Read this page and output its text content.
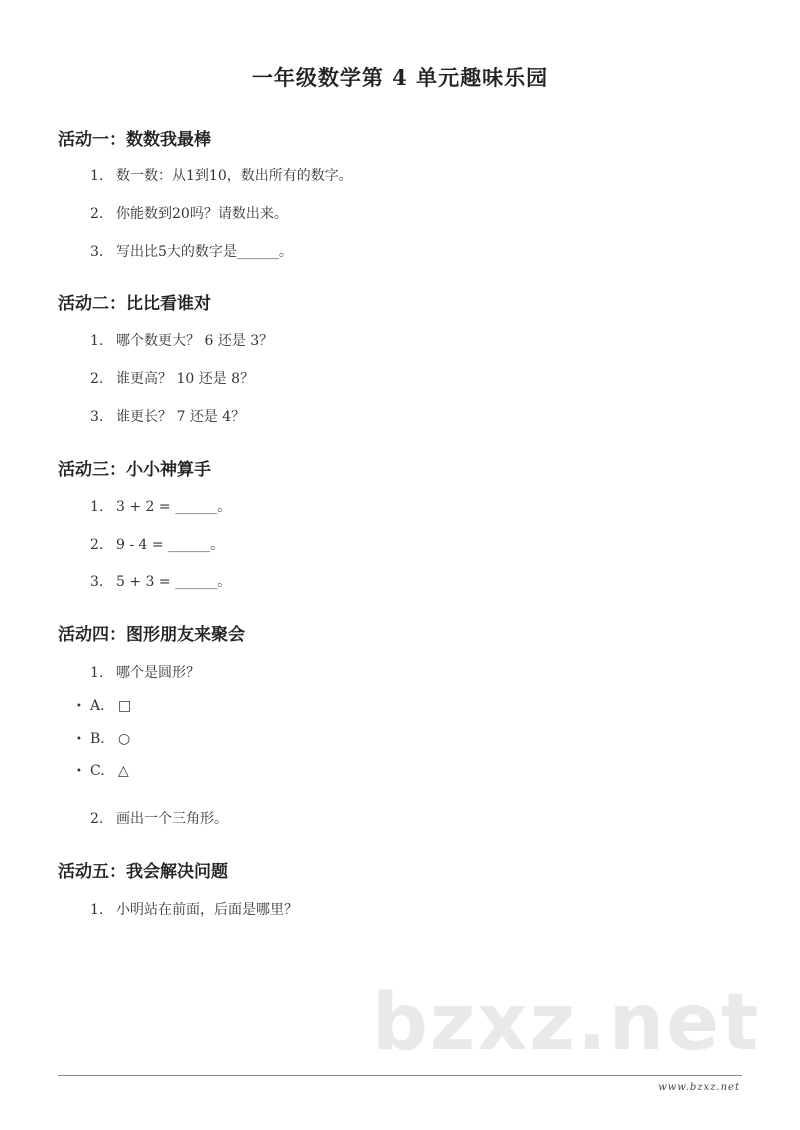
一年级数学第 4 单元趣味乐园
活动一：数数我最棒
1. 数一数：从1到10，数出所有的数字。
2. 你能数到20吗？请数出来。
3. 写出比5大的数字是______。
活动二：比比看谁对
1. 哪个数更大？ 6 还是 3？
2. 谁更高？ 10 还是 8？
3. 谁更长？ 7 还是 4？
活动三：小小神算手
1. 3 + 2 = ______。
2. 9 - 4 = ______。
3. 5 + 3 = ______。
活动四：图形朋友来聚会
1. 哪个是圆形？
• A. □
• B. ○
• C. △
2. 画出一个三角形。
活动五：我会解决问题
1. 小明站在前面，后面是哪里？
bzxz.net
www.bzxz.net
